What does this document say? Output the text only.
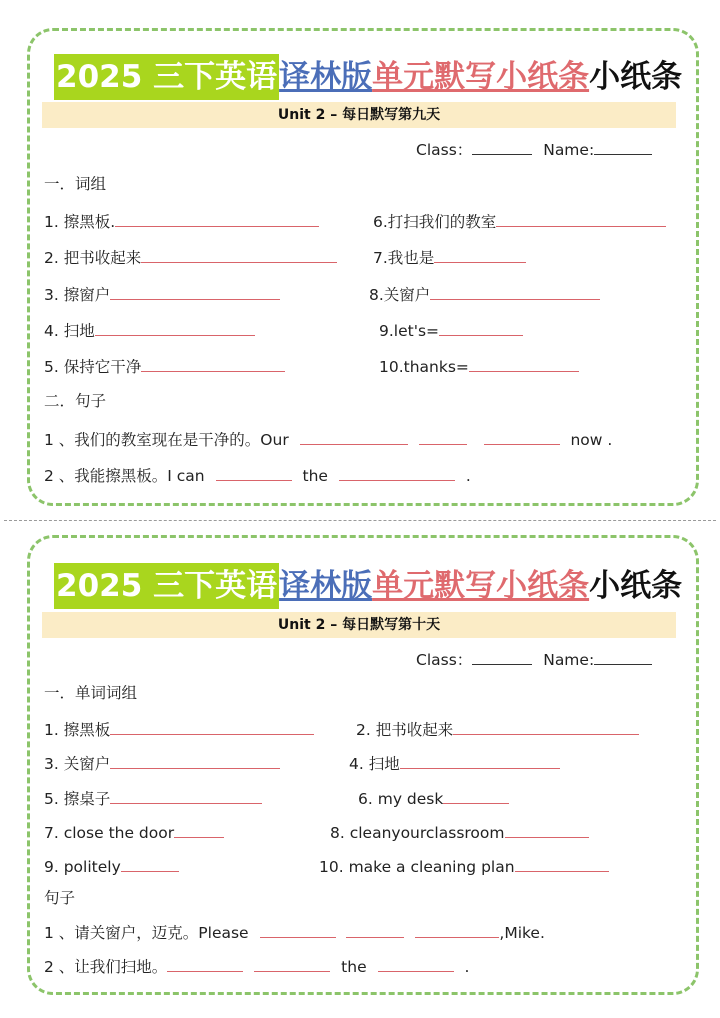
2025 三下英语译林版单元默写小纸条小纸条
Unit 2 – 每日默写第九天
Class：	Name:
一．词组
1. 擦黑板.	6.打扫我们的教室
2. 把书收起来	7.我也是
3. 擦窗户	8.关窗户
4. 扫地	9.let's=
5. 保持它干净	10.thanks=
二．句子
1 、我们的教室现在是干净的。Our	now .
2 、我能擦黑板。I can	the	.
2025 三下英语译林版单元默写小纸条小纸条
Unit 2 – 每日默写第十天
Class：	Name:
一．单词词组
1. 擦黑板	2. 把书收起来
3. 关窗户	4. 扫地
5. 擦桌子	6. my desk
7. close the door	8. cleanyourclassroom
9. politely	10. make a cleaning plan
句子
1 、请关窗户，迈克。Please	,Mike.
2 、让我们扫地。	the	.
